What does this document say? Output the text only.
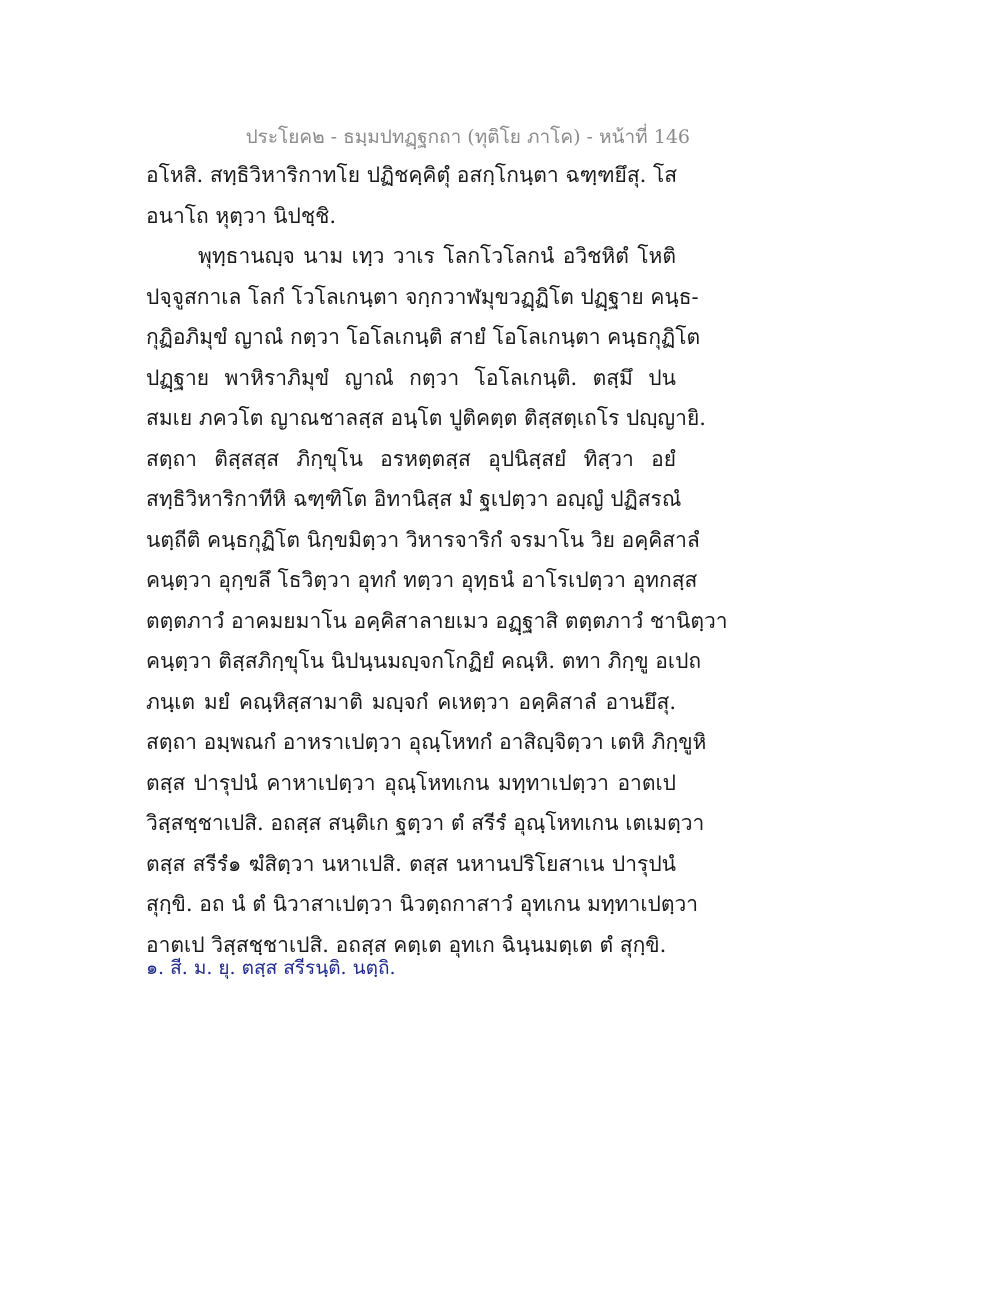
ประโยค๒ - ธมฺมปทฏฺฐกถา (ทุติโย ภาโค) - หน้าที่ 146
อโหสิ. สทฺธิวิหาริกาทโย ปฏิชคฺคิตุํ อสกฺโกนฺตา ฉฑฺฑยึสุ. โส
อนาโถ หุตฺวา นิปชฺชิ.
พุทฺธานญฺจ นาม เทฺว วาเร โลกโวโลกนํ อวิชหิตํ โหติ
ปจฺจูสกาเล โลกํ โวโลเกนฺตา จกฺกวาฬมุขวฏฺฏิโต ปฏฺฐาย คนฺธ-
กุฏิอภิมุขํ ญาณํ กตฺวา โอโลเกนฺติ สายํ โอโลเกนฺตา คนฺธกุฏิโต
ปฏฺฐาย พาหิราภิมุขํ ญาณํ กตฺวา โอโลเกนฺติ. ตสฺมึ ปน
สมเย ภควโต ญาณชาลสฺส อนฺโต ปูติคตฺต ติสฺสตฺเถโร ปญฺญายิ.
สตฺถา ติสฺสสฺส ภิกฺขุโน อรหตฺตสฺส อุปนิสฺสยํ ทิสฺวา อยํ
สทฺธิวิหาริกาทีหิ ฉฑฺฑิโต อิทานิสฺส มํ ฐเปตฺวา อญฺญํ ปฏิสรณํ
นตฺถีติ คนฺธกุฏิโต นิกฺขมิตฺวา วิหารจาริกํ จรมาโน วิย อคฺคิสาลํ
คนฺตฺวา อุกฺขลึ โธวิตฺวา อุทกํ ทตฺวา อุทฺธนํ อาโรเปตฺวา อุทกสฺส
ตตฺตภาวํ อาคมยมาโน อคฺคิสาลายเมว อฏฺฐาสิ ตตฺตภาวํ ชานิตฺวา
คนฺตฺวา ติสฺสภิกฺขุโน นิปนฺนมญฺจกโกฏิยํ คณฺหิ. ตทา ภิกฺขู อเปถ
ภนฺเต มยํ คณฺหิสฺสามาติ มญฺจกํ คเหตฺวา อคฺคิสาลํ อานยึสุ.
สตฺถา อมฺพณกํ อาหราเปตฺวา อุณฺโหทกํ อาสิญฺจิตฺวา เตหิ ภิกฺขูหิ
ตสฺส ปารุปนํ คาหาเปตฺวา อุณฺโหทเกน มทฺทาเปตฺวา อาตเป
วิสฺสชฺชาเปสิ. อถสฺส สนฺติเก ฐตฺวา ตํ สรีรํ อุณฺโหทเกน เตเมตฺวา
ตสฺส สรีรํ๑ ฆํสิตฺวา นหาเปสิ. ตสฺส นหานปริโยสาเน ปารุปนํ
สุกฺขิ. อถ นํ ตํ นิวาสาเปตฺวา นิวตฺถกาสาวํ อุทเกน มทฺทาเปตฺวา
อาตเป วิสฺสชฺชาเปสิ. อถสฺส คตฺเต อุทเก ฉินฺนมตฺเต ตํ สุกฺขิ.
๑. สี. ม. ยุ. ตสฺส สรีรนฺติ. นตฺถิ.
